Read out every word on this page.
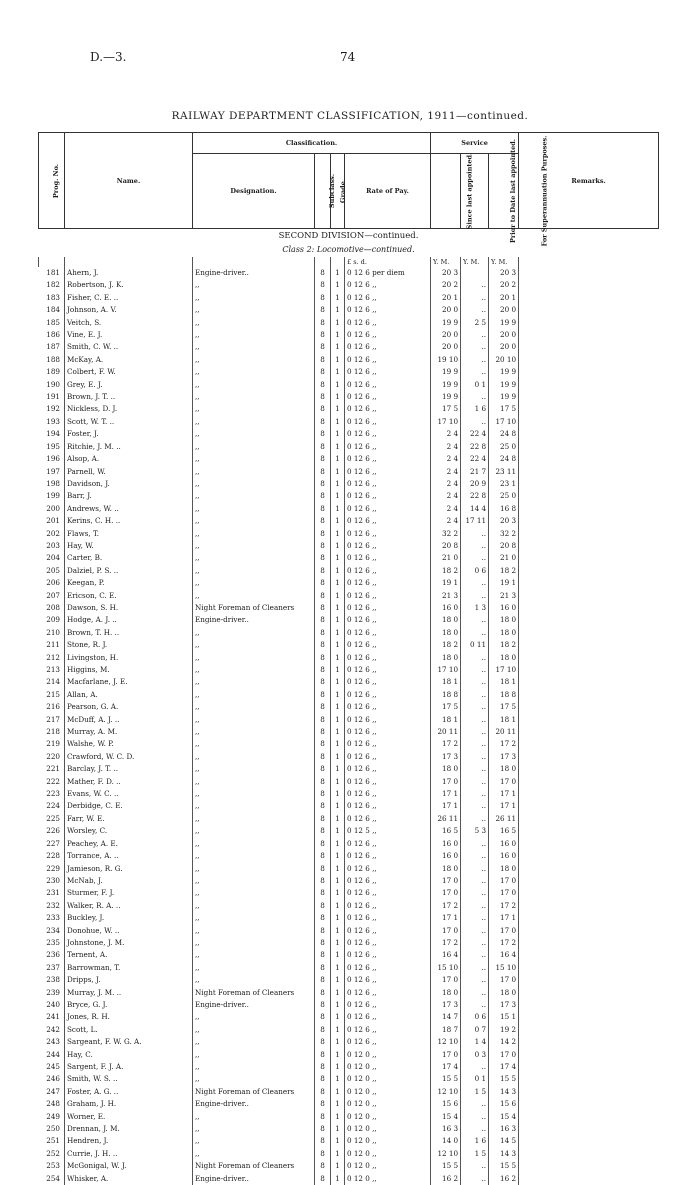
D.—3.	74
RAILWAY DEPARTMENT CLASSIFICATION, 1911—continued.
Prog. No.	Name.	Classification.				Service			Remarks.
		Designation.	Subclass.	Grade.	Rate of Pay.	Since last appointed.	Prior to Date last appointed.	For Superannuation Purposes.	
SECOND DIVISION—continued.									
Class 2: Locomotive—continued.									
					£ s. d.	Y. M.	Y. M.	Y. M.	
181	Ahern, J.	Engine-driver..	8	1	0 12 6 per diem	20 3		20 3	
182	Robertson, J. K.	,,	8	1	0 12 6 ,,	20 2	..	20 2	
183	Fisher, C. E. ..	,,	8	1	0 12 6 ,,	20 1	..	20 1	
184	Johnson, A. V.	,,	8	1	0 12 6 ,,	20 0	..	20 0	
185	Veitch, S.	,,	8	1	0 12 6 ,,	19 9	2 5	19 9	
186	Vine, E. J.	,,	8	1	0 12 6 ,,	20 0	..	20 0	
187	Smith, C. W. ..	,,	8	1	0 12 6 ,,	20 0	..	20 0	
188	McKay, A.	,,	8	1	0 12 6 ,,	19 10	..	20 10	
189	Colbert, F. W.	,,	8	1	0 12 6 ,,	19 9	..	19 9	
190	Grey, E. J.	,,	8	1	0 12 6 ,,	19 9	0 1	19 9	
191	Brown, J. T. ..	,,	8	1	0 12 6 ,,	19 9	..	19 9	
192	Nickless, D. J.	,,	8	1	0 12 6 ,,	17 5	1 6	17 5	
193	Scott, W. T. ..	,,	8	1	0 12 6 ,,	17 10	..	17 10	
194	Foster, J.	,,	8	1	0 12 6 ,,	2 4	22 4	24 8	
195	Ritchie, J. M. ..	,,	8	1	0 12 6 ,,	2 4	22 8	25 0	
196	Alsop, A.	,,	8	1	0 12 6 ,,	2 4	22 4	24 8	
197	Parnell, W.	,,	8	1	0 12 6 ,,	2 4	21 7	23 11	
198	Davidson, J.	,,	8	1	0 12 6 ,,	2 4	20 9	23 1	
199	Barr, J.	,,	8	1	0 12 6 ,,	2 4	22 8	25 0	
200	Andrews, W. ..	,,	8	1	0 12 6 ,,	2 4	14 4	16 8	
201	Kerins, C. H. ..	,,	8	1	0 12 6 ,,	2 4	17 11	20 3	
202	Flaws, T.	,,	8	1	0 12 6 ,,	32 2	..	32 2	
203	Hay, W.	,,	8	1	0 12 6 ,,	20 8	..	20 8	
204	Carter, B.	,,	8	1	0 12 6 ,,	21 0	..	21 0	
205	Dalziel, P. S. ..	,,	8	1	0 12 6 ,,	18 2	0 6	18 2	
206	Keegan, P.	,,	8	1	0 12 6 ,,	19 1	..	19 1	
207	Ericson, C. E.	,,	8	1	0 12 6 ,,	21 3	..	21 3	
208	Dawson, S. H.	Night Foreman of Cleaners	8	1	0 12 6 ,,	16 0	1 3	16 0	
209	Hodge, A. J. ..	Engine-driver..	8	1	0 12 6 ,,	18 0	..	18 0	
210	Brown, T. H. ..	,,	8	1	0 12 6 ,,	18 0	..	18 0	
211	Stone, R. J.	,,	8	1	0 12 6 ,,	18 2	0 11	18 2	
212	Livingston, H.	,,	8	1	0 12 6 ,,	18 0	..	18 0	
213	Higgins, M.	,,	8	1	0 12 6 ,,	17 10	..	17 10	
214	Macfarlane, J. E.	,,	8	1	0 12 6 ,,	18 1	..	18 1	
215	Allan, A.	,,	8	1	0 12 6 ,,	18 8	..	18 8	
216	Pearson, G. A.	,,	8	1	0 12 6 ,,	17 5	..	17 5	
217	McDuff, A. J. ..	,,	8	1	0 12 6 ,,	18 1	..	18 1	
218	Murray, A. M.	,,	8	1	0 12 6 ,,	20 11	..	20 11	
219	Walshe, W. P.	,,	8	1	0 12 6 ,,	17 2	..	17 2	
220	Crawford, W. C. D.	,,	8	1	0 12 6 ,,	17 3	..	17 3	
221	Barclay, J. T. ..	,,	8	1	0 12 6 ,,	18 0	..	18 0	
222	Mather, F. D. ..	,,	8	1	0 12 6 ,,	17 0	..	17 0	
223	Evans, W. C. ..	,,	8	1	0 12 6 ,,	17 1	..	17 1	
224	Derbidge, C. E.	,,	8	1	0 12 6 ,,	17 1	..	17 1	
225	Farr, W. E.	,,	8	1	0 12 6 ,,	26 11	..	26 11	
226	Worsley, C.	,,	8	1	0 12 5 ,,	16 5	5 3	16 5	
227	Peachey, A. E.	,,	8	1	0 12 6 ,,	16 0	..	16 0	
228	Torrance, A. ..	,,	8	1	0 12 6 ,,	16 0	..	16 0	
229	Jamieson, R. G.	,,	8	1	0 12 6 ,,	18 0	..	18 0	
230	McNab, J.	,,	8	1	0 12 6 ,,	17 0	..	17 0	
231	Sturmer, F. J.	,,	8	1	0 12 6 ,,	17 0	..	17 0	
232	Walker, R. A. ..	,,	8	1	0 12 6 ,,	17 2	..	17 2	
233	Buckley, J.	,,	8	1	0 12 6 ,,	17 1	..	17 1	
234	Donohue, W. ..	,,	8	1	0 12 6 ,,	17 0	..	17 0	
235	Johnstone, J. M.	,,	8	1	0 12 6 ,,	17 2	..	17 2	
236	Ternent, A.	,,	8	1	0 12 6 ,,	16 4	..	16 4	
237	Barrowman, T.	,,	8	1	0 12 6 ,,	15 10	..	15 10	
238	Dripps, J.	,,	8	1	0 12 6 ,,	17 0	..	17 0	
239	Murray, J. M. ..	Night Foreman of Cleaners	8	1	0 12 6 ,,	18 0	..	18 0	
240	Bryce, G. J.	Engine-driver..	8	1	0 12 6 ,,	17 3	..	17 3	
241	Jones, R. H.	,,	8	1	0 12 6 ,,	14 7	0 6	15 1	
242	Scott, L.	,,	8	1	0 12 6 ,,	18 7	0 7	19 2	
243	Sargeant, F. W. G. A.	,,	8	1	0 12 6 ,,	12 10	1 4	14 2	
244	Hay, C.	,,	8	1	0 12 0 ,,	17 0	0 3	17 0	
245	Sargent, F. J. A.	,,	8	1	0 12 0 ,,	17 4	..	17 4	
246	Smith, W. S. ..	,,	8	1	0 12 0 ,,	15 5	0 1	15 5	
247	Foster, A. G. ..	Night Foreman of Cleaners	8	1	0 12 0 ,,	12 10	1 5	14 3	
248	Graham, J. H.	Engine-driver..	8	1	0 12 0 ,,	15 6	..	15 6	
249	Worner, E.	,,	8	1	0 12 0 ,,	15 4	..	15 4	
250	Drennan, J. M.	,,	8	1	0 12 0 ,,	16 3	..	16 3	
251	Hendren, J.	,,	8	1	0 12 0 ,,	14 0	1 6	14 5	
252	Currie, J. H. ..	,,	8	1	0 12 0 ,,	12 10	1 5	14 3	
253	McGonigal, W. J.	Night Foreman of Cleaners	8	1	0 12 0 ,,	15 5	..	15 5	
254	Whisker, A.	Engine-driver..	8	1	0 12 0 ,,	16 2	..	16 2	
